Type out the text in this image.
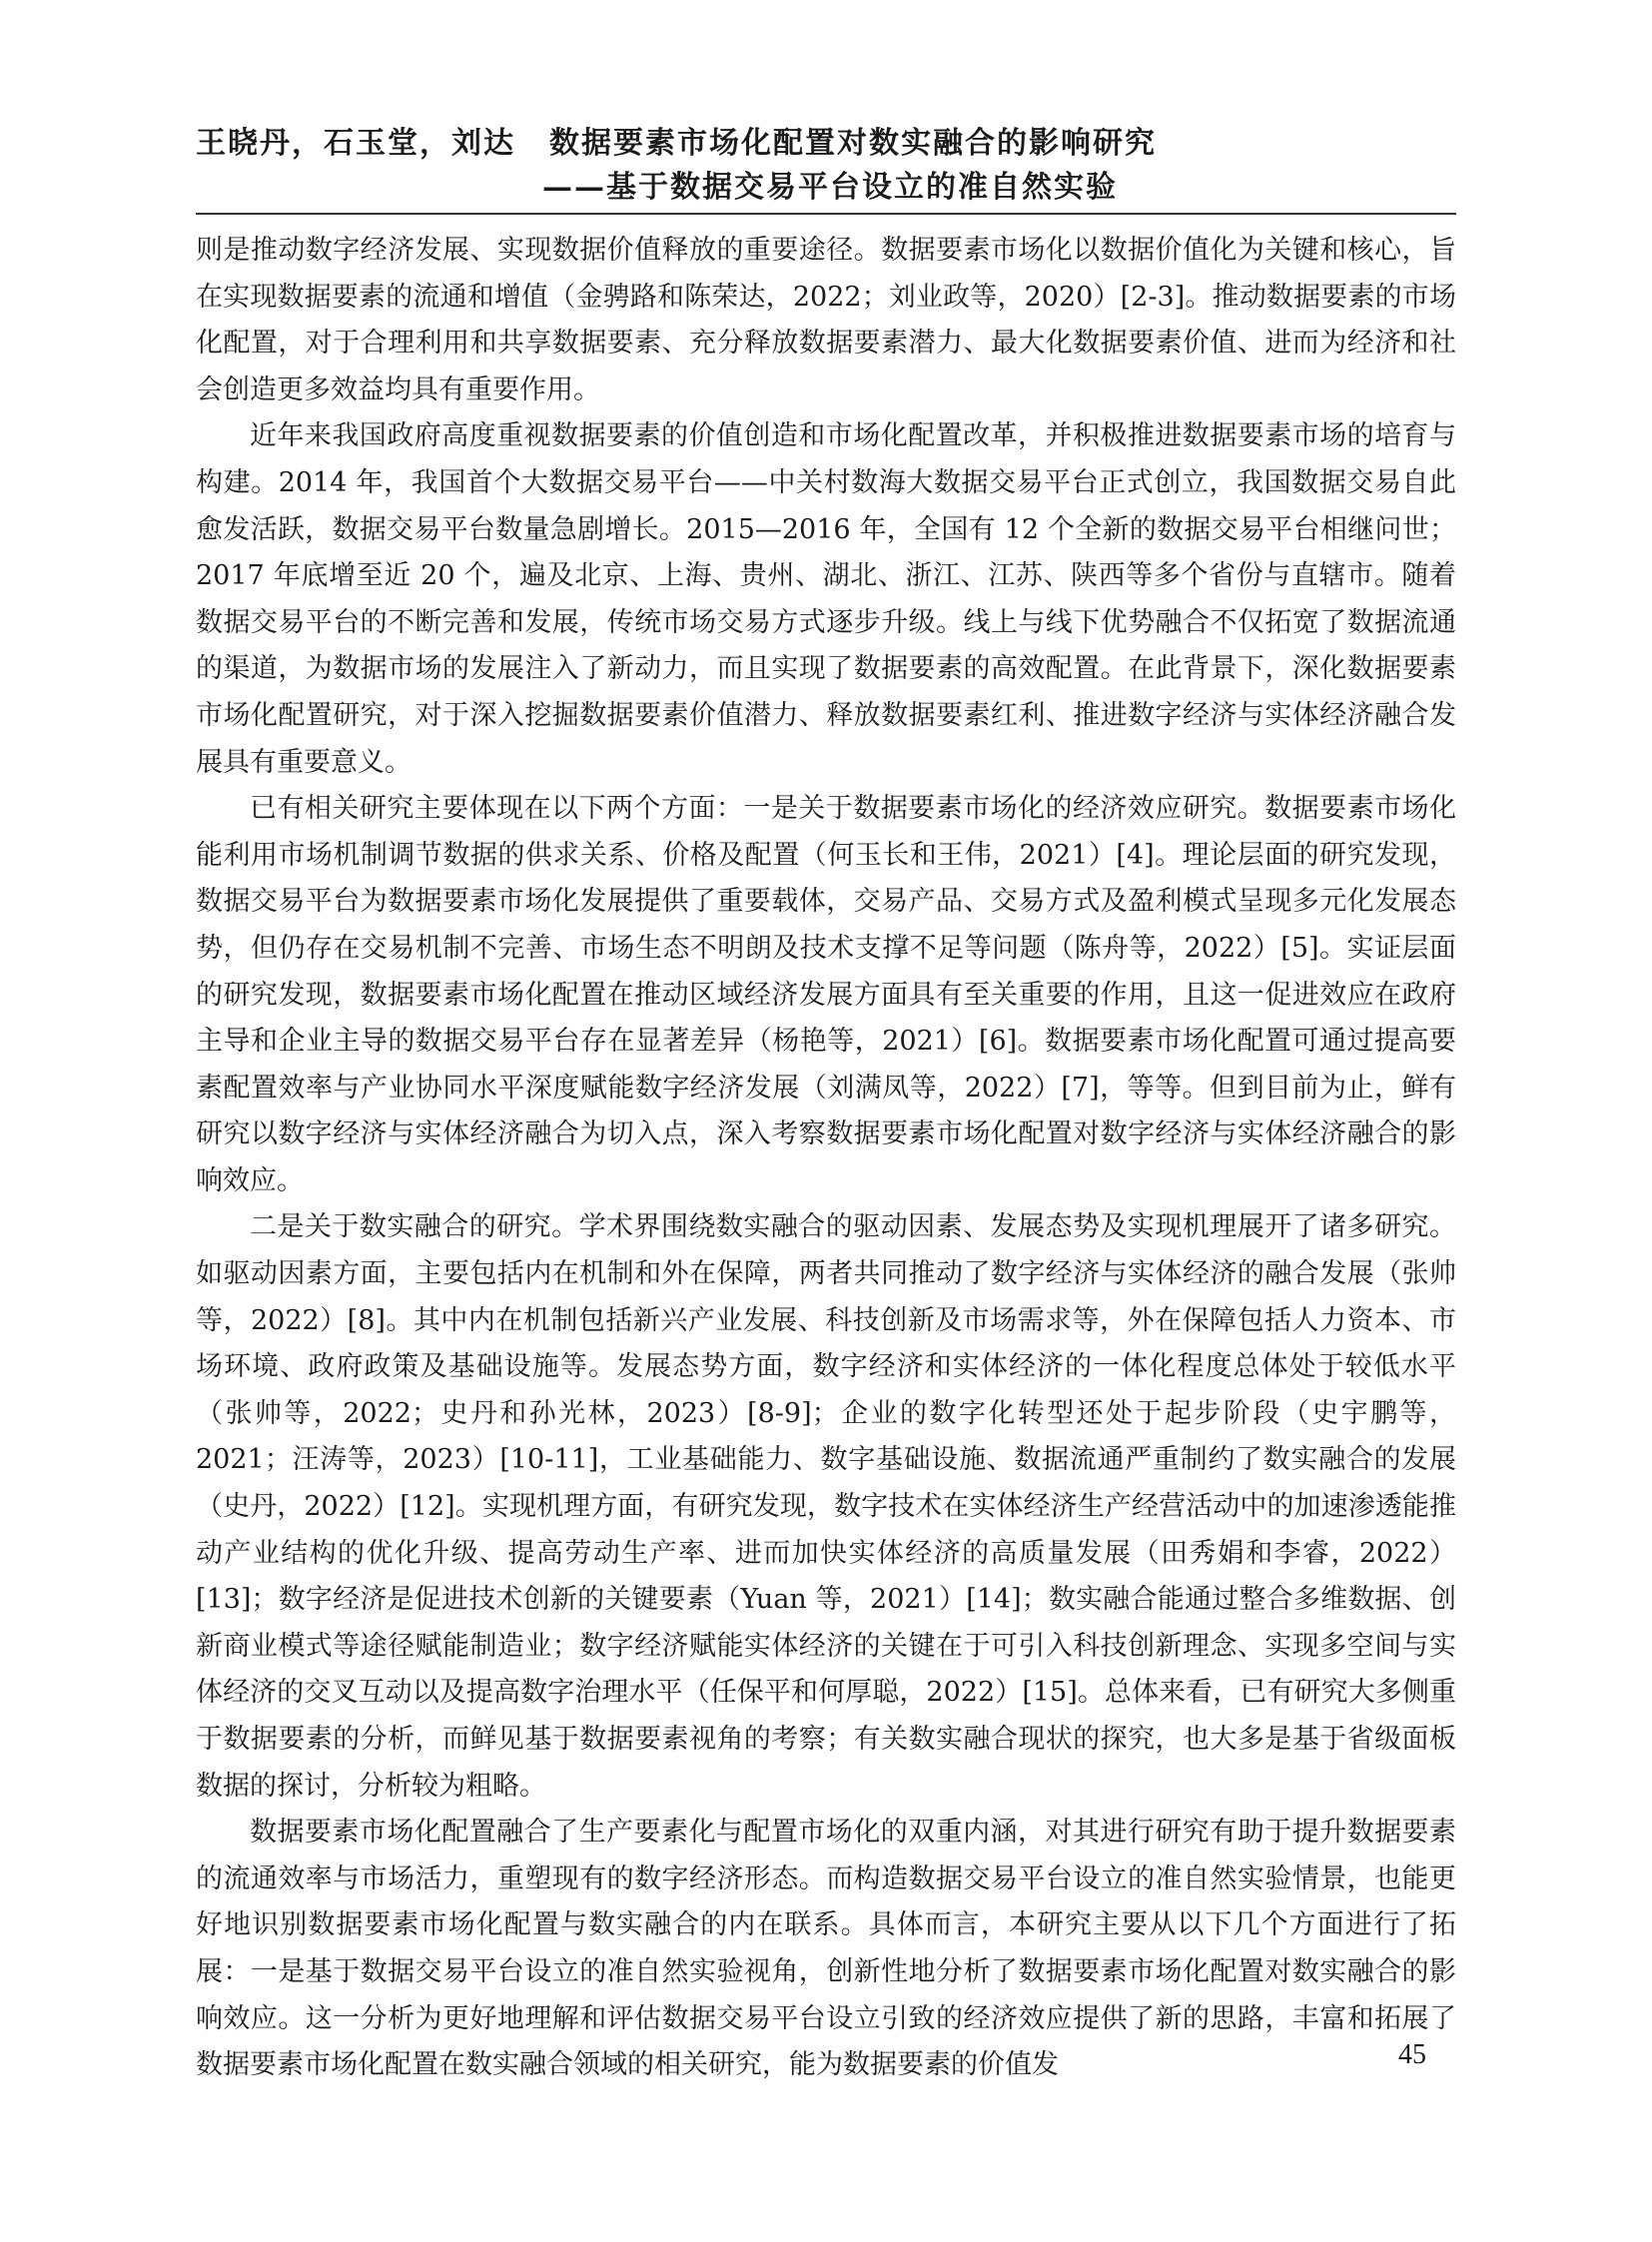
王晓丹，石玉堂，刘达 数据要素市场化配置对数实融合的影响研究
——基于数据交易平台设立的准自然实验

则是推动数字经济发展、实现数据价值释放的重要途径。数据要素市场化以数据价值化为关键和核心，旨在实现数据要素的流通和增值（金骋路和陈荣达，2022；刘业政等，2020）[2-3]。推动数据要素的市场化配置，对于合理利用和共享数据要素、充分释放数据要素潜力、最大化数据要素价值、进而为经济和社会创造更多效益均具有重要作用。

近年来我国政府高度重视数据要素的价值创造和市场化配置改革，并积极推进数据要素市场的培育与构建。2014 年，我国首个大数据交易平台——中关村数海大数据交易平台正式创立，我国数据交易自此愈发活跃，数据交易平台数量急剧增长。2015—2016 年，全国有 12 个全新的数据交易平台相继问世；2017 年底增至近 20 个，遍及北京、上海、贵州、湖北、浙江、江苏、陕西等多个省份与直辖市。随着数据交易平台的不断完善和发展，传统市场交易方式逐步升级。线上与线下优势融合不仅拓宽了数据流通的渠道，为数据市场的发展注入了新动力，而且实现了数据要素的高效配置。在此背景下，深化数据要素市场化配置研究，对于深入挖掘数据要素价值潜力、释放数据要素红利、推进数字经济与实体经济融合发展具有重要意义。

已有相关研究主要体现在以下两个方面：一是关于数据要素市场化的经济效应研究。数据要素市场化能利用市场机制调节数据的供求关系、价格及配置（何玉长和王伟，2021）[4]。理论层面的研究发现，数据交易平台为数据要素市场化发展提供了重要载体，交易产品、交易方式及盈利模式呈现多元化发展态势，但仍存在交易机制不完善、市场生态不明朗及技术支撑不足等问题（陈舟等，2022）[5]。实证层面的研究发现，数据要素市场化配置在推动区域经济发展方面具有至关重要的作用，且这一促进效应在政府主导和企业主导的数据交易平台存在显著差异（杨艳等，2021）[6]。数据要素市场化配置可通过提高要素配置效率与产业协同水平深度赋能数字经济发展（刘满凤等，2022）[7]，等等。但到目前为止，鲜有研究以数字经济与实体经济融合为切入点，深入考察数据要素市场化配置对数字经济与实体经济融合的影响效应。

二是关于数实融合的研究。学术界围绕数实融合的驱动因素、发展态势及实现机理展开了诸多研究。如驱动因素方面，主要包括内在机制和外在保障，两者共同推动了数字经济与实体经济的融合发展（张帅等，2022）[8]。其中内在机制包括新兴产业发展、科技创新及市场需求等，外在保障包括人力资本、市场环境、政府政策及基础设施等。发展态势方面，数字经济和实体经济的一体化程度总体处于较低水平（张帅等，2022；史丹和孙光林，2023）[8-9]；企业的数字化转型还处于起步阶段（史宇鹏等，2021；汪涛等，2023）[10-11]，工业基础能力、数字基础设施、数据流通严重制约了数实融合的发展（史丹，2022）[12]。实现机理方面，有研究发现，数字技术在实体经济生产经营活动中的加速渗透能推动产业结构的优化升级、提高劳动生产率、进而加快实体经济的高质量发展（田秀娟和李睿，2022）[13]；数字经济是促进技术创新的关键要素（Yuan 等，2021）[14]；数实融合能通过整合多维数据、创新商业模式等途径赋能制造业；数字经济赋能实体经济的关键在于可引入科技创新理念、实现多空间与实体经济的交叉互动以及提高数字治理水平（任保平和何厚聪，2022）[15]。总体来看，已有研究大多侧重于数据要素的分析，而鲜见基于数据要素视角的考察；有关数实融合现状的探究，也大多是基于省级面板数据的探讨，分析较为粗略。

数据要素市场化配置融合了生产要素化与配置市场化的双重内涵，对其进行研究有助于提升数据要素的流通效率与市场活力，重塑现有的数字经济形态。而构造数据交易平台设立的准自然实验情景，也能更好地识别数据要素市场化配置与数实融合的内在联系。具体而言，本研究主要从以下几个方面进行了拓展：一是基于数据交易平台设立的准自然实验视角，创新性地分析了数据要素市场化配置对数实融合的影响效应。这一分析为更好地理解和评估数据交易平台设立引致的经济效应提供了新的思路，丰富和拓展了数据要素市场化配置在数实融合领域的相关研究，能为数据要素的价值发	45
